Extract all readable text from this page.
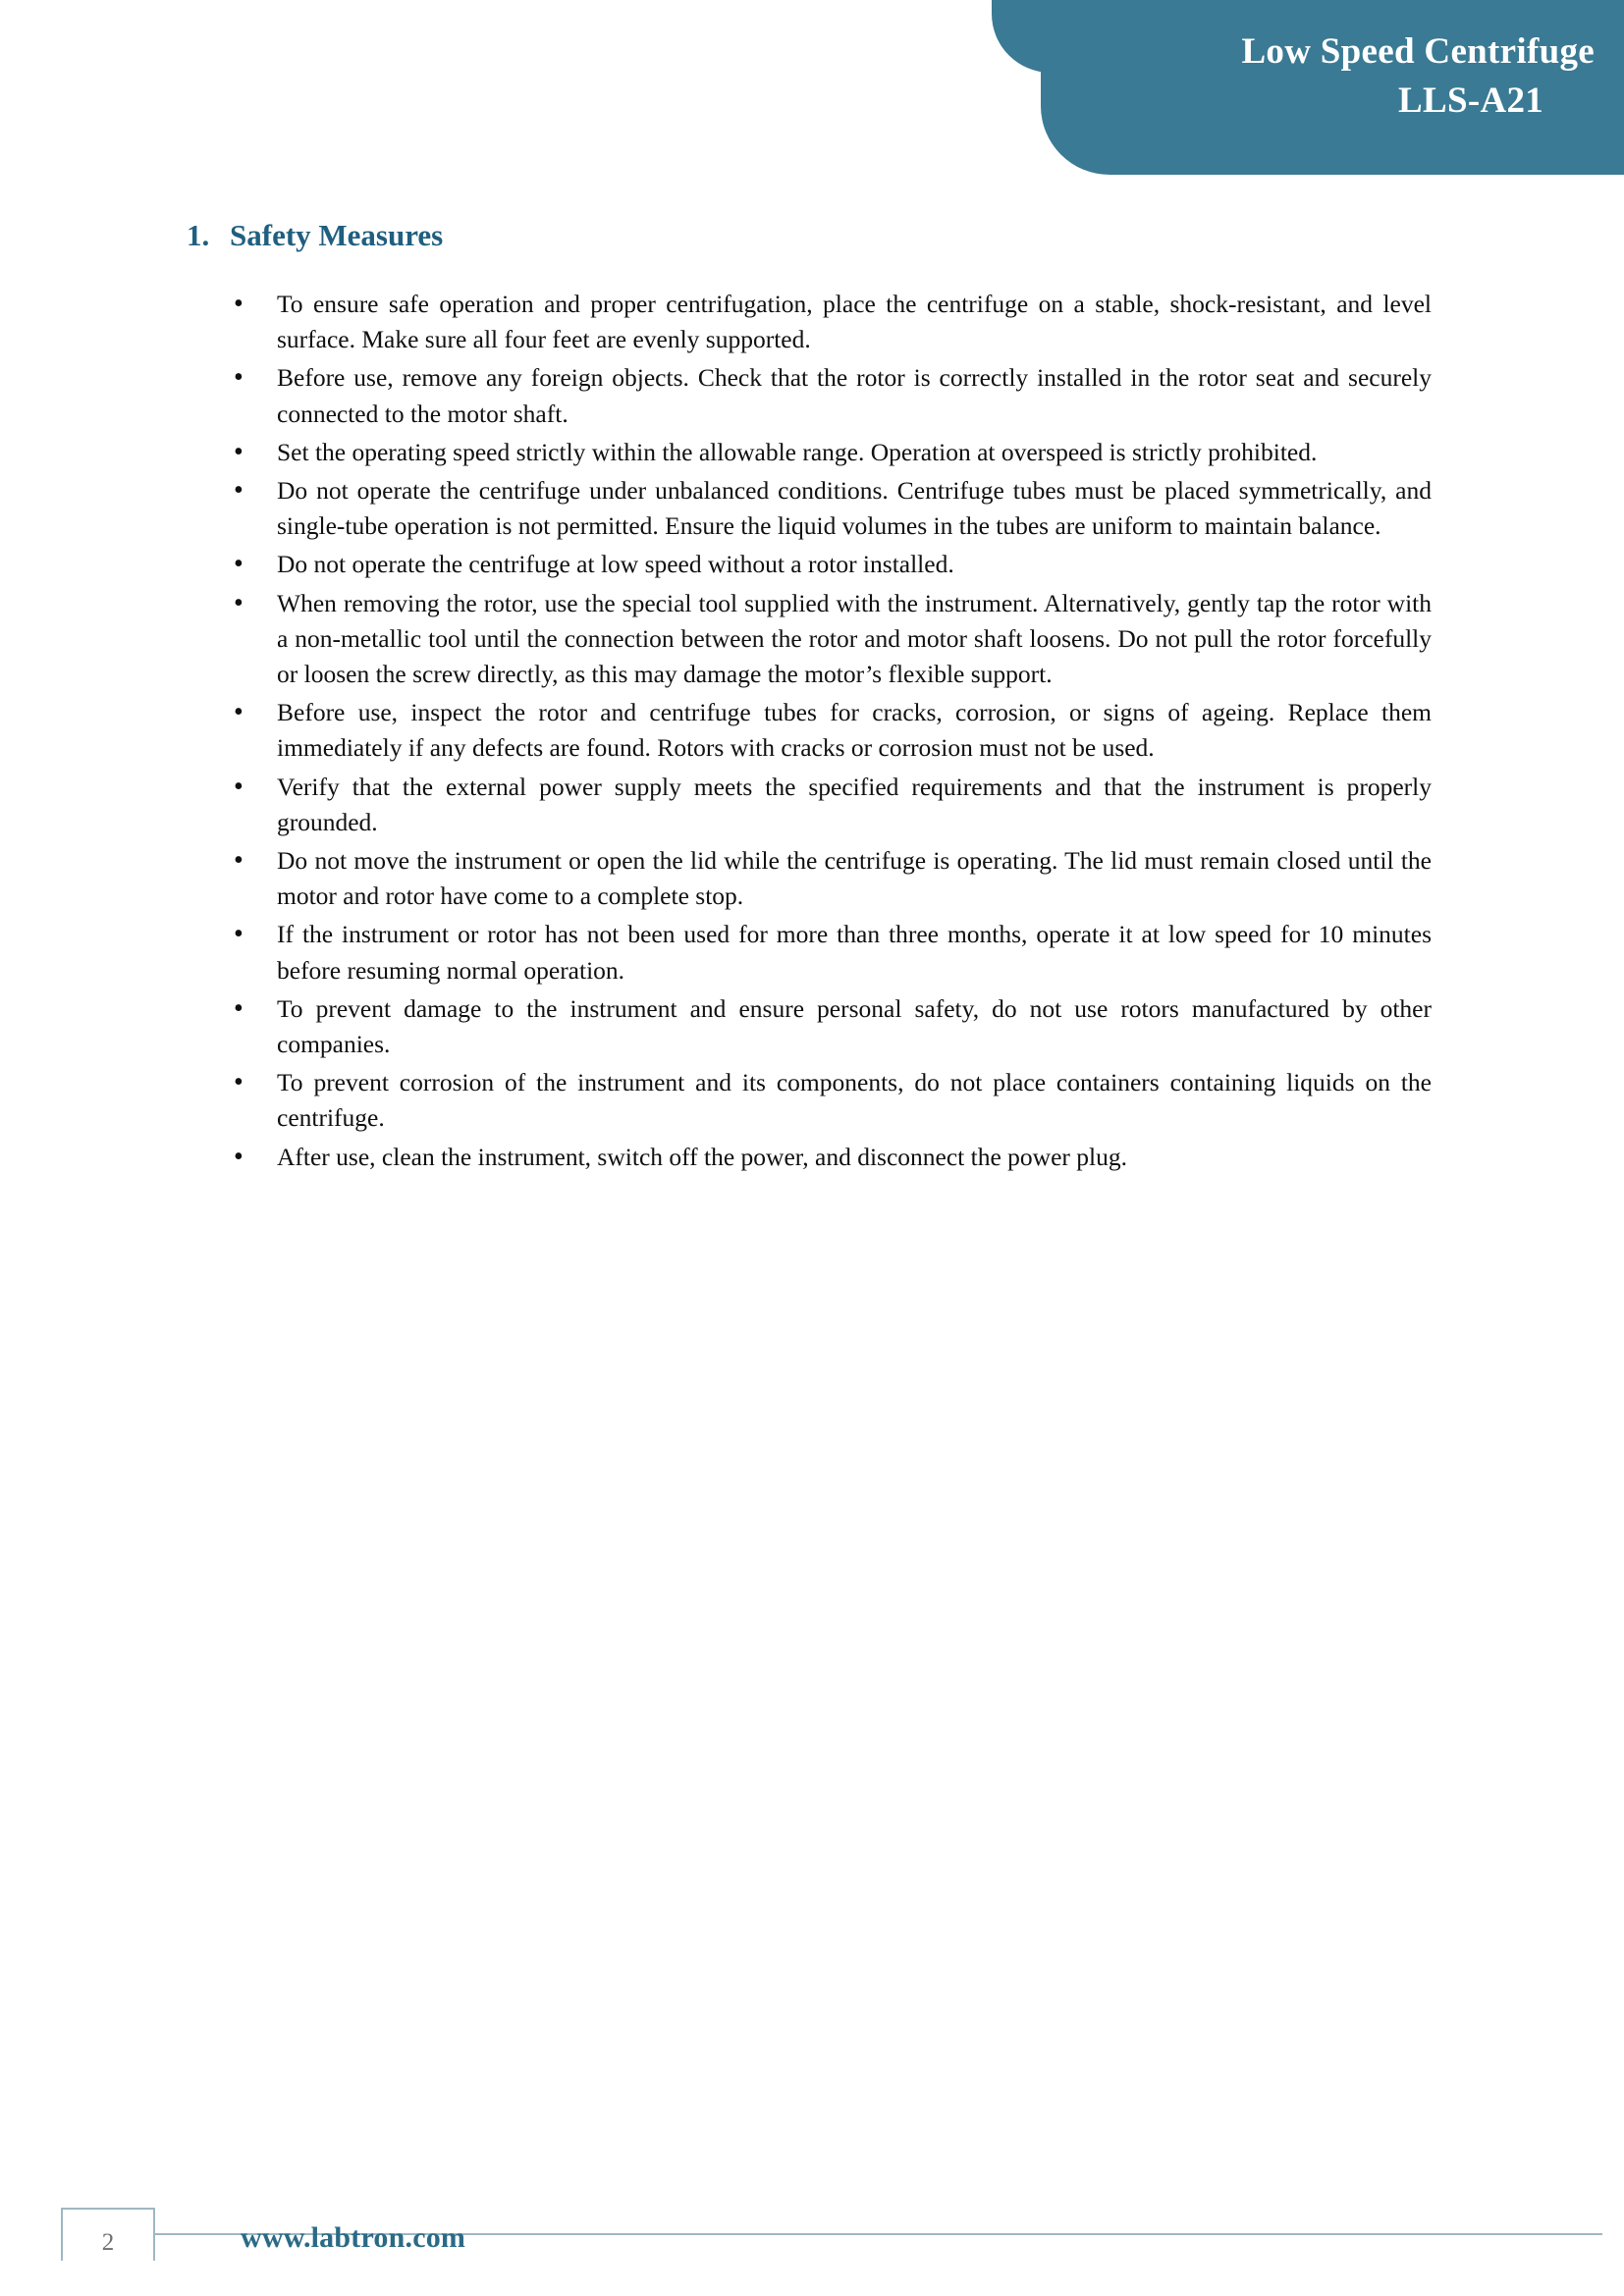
Low Speed Centrifuge
LLS-A21
1. Safety Measures
• To ensure safe operation and proper centrifugation, place the centrifuge on a stable, shock-resistant, and level surface. Make sure all four feet are evenly supported.
• Before use, remove any foreign objects. Check that the rotor is correctly installed in the rotor seat and securely connected to the motor shaft.
• Set the operating speed strictly within the allowable range. Operation at overspeed is strictly prohibited.
• Do not operate the centrifuge under unbalanced conditions. Centrifuge tubes must be placed symmetrically, and single-tube operation is not permitted. Ensure the liquid volumes in the tubes are uniform to maintain balance.
• Do not operate the centrifuge at low speed without a rotor installed.
• When removing the rotor, use the special tool supplied with the instrument. Alternatively, gently tap the rotor with a non-metallic tool until the connection between the rotor and motor shaft loosens. Do not pull the rotor forcefully or loosen the screw directly, as this may damage the motor’s flexible support.
• Before use, inspect the rotor and centrifuge tubes for cracks, corrosion, or signs of ageing. Replace them immediately if any defects are found. Rotors with cracks or corrosion must not be used.
• Verify that the external power supply meets the specified requirements and that the instrument is properly grounded.
• Do not move the instrument or open the lid while the centrifuge is operating. The lid must remain closed until the motor and rotor have come to a complete stop.
• If the instrument or rotor has not been used for more than three months, operate it at low speed for 10 minutes before resuming normal operation.
• To prevent damage to the instrument and ensure personal safety, do not use rotors manufactured by other companies.
• To prevent corrosion of the instrument and its components, do not place containers containing liquids on the centrifuge.
• After use, clean the instrument, switch off the power, and disconnect the power plug.
2	www.labtron.com
